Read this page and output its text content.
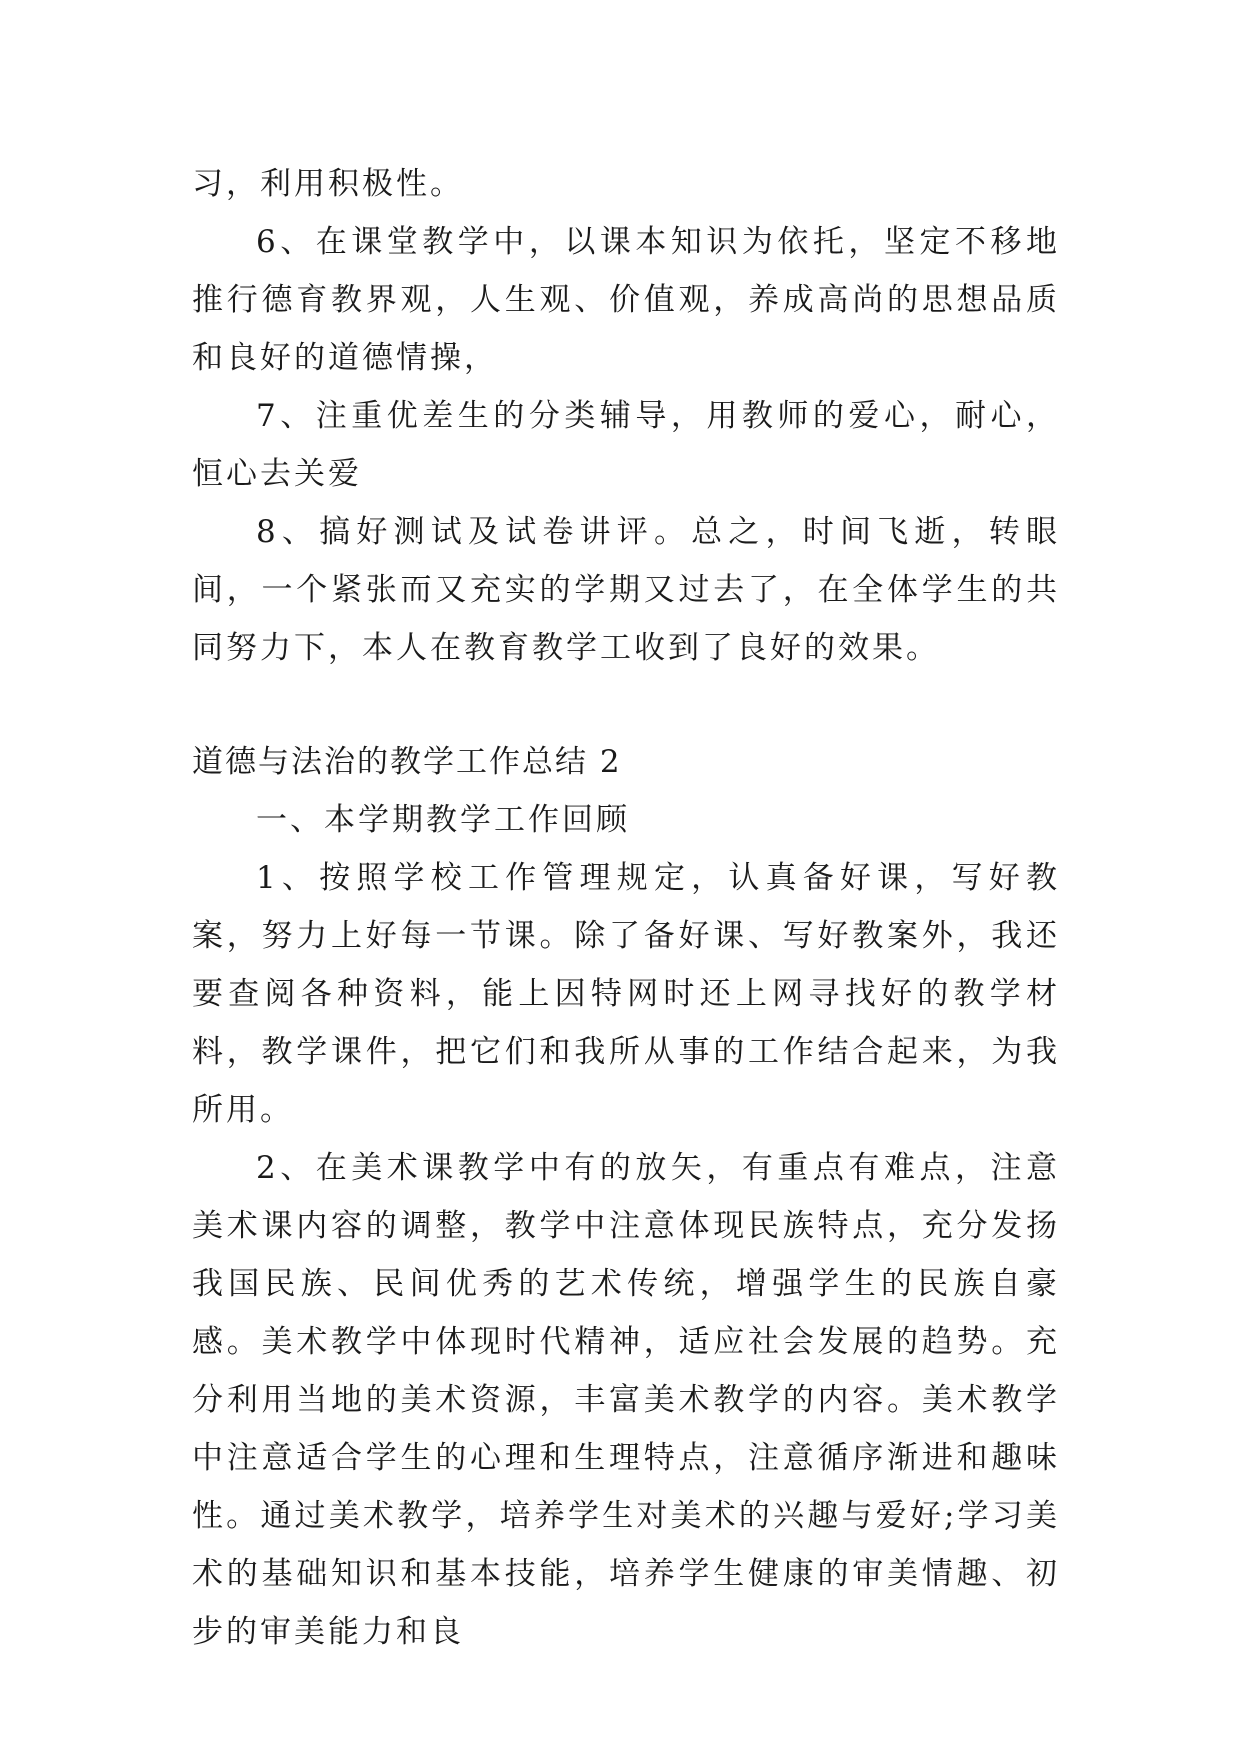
习，利用积极性。

6、在课堂教学中，以课本知识为依托，坚定不移地推行德育教界观，人生观、价值观，养成高尚的思想品质和良好的道德情操，

7、注重优差生的分类辅导，用教师的爱心，耐心，恒心去关爱

8、搞好测试及试卷讲评。总之，时间飞逝，转眼间，一个紧张而又充实的学期又过去了，在全体学生的共同努力下，本人在教育教学工收到了良好的效果。

道德与法治的教学工作总结 2

一、本学期教学工作回顾

1、按照学校工作管理规定，认真备好课，写好教案，努力上好每一节课。除了备好课、写好教案外，我还要查阅各种资料，能上因特网时还上网寻找好的教学材料，教学课件，把它们和我所从事的工作结合起来，为我所用。

2、在美术课教学中有的放矢，有重点有难点，注意美术课内容的调整，教学中注意体现民族特点，充分发扬我国民族、民间优秀的艺术传统，增强学生的民族自豪感。美术教学中体现时代精神，适应社会发展的趋势。充分利用当地的美术资源，丰富美术教学的内容。美术教学中注意适合学生的心理和生理特点，注意循序渐进和趣味性。通过美术教学，培养学生对美术的兴趣与爱好;学习美术的基础知识和基本技能，培养学生健康的审美情趣、初步的审美能力和良
